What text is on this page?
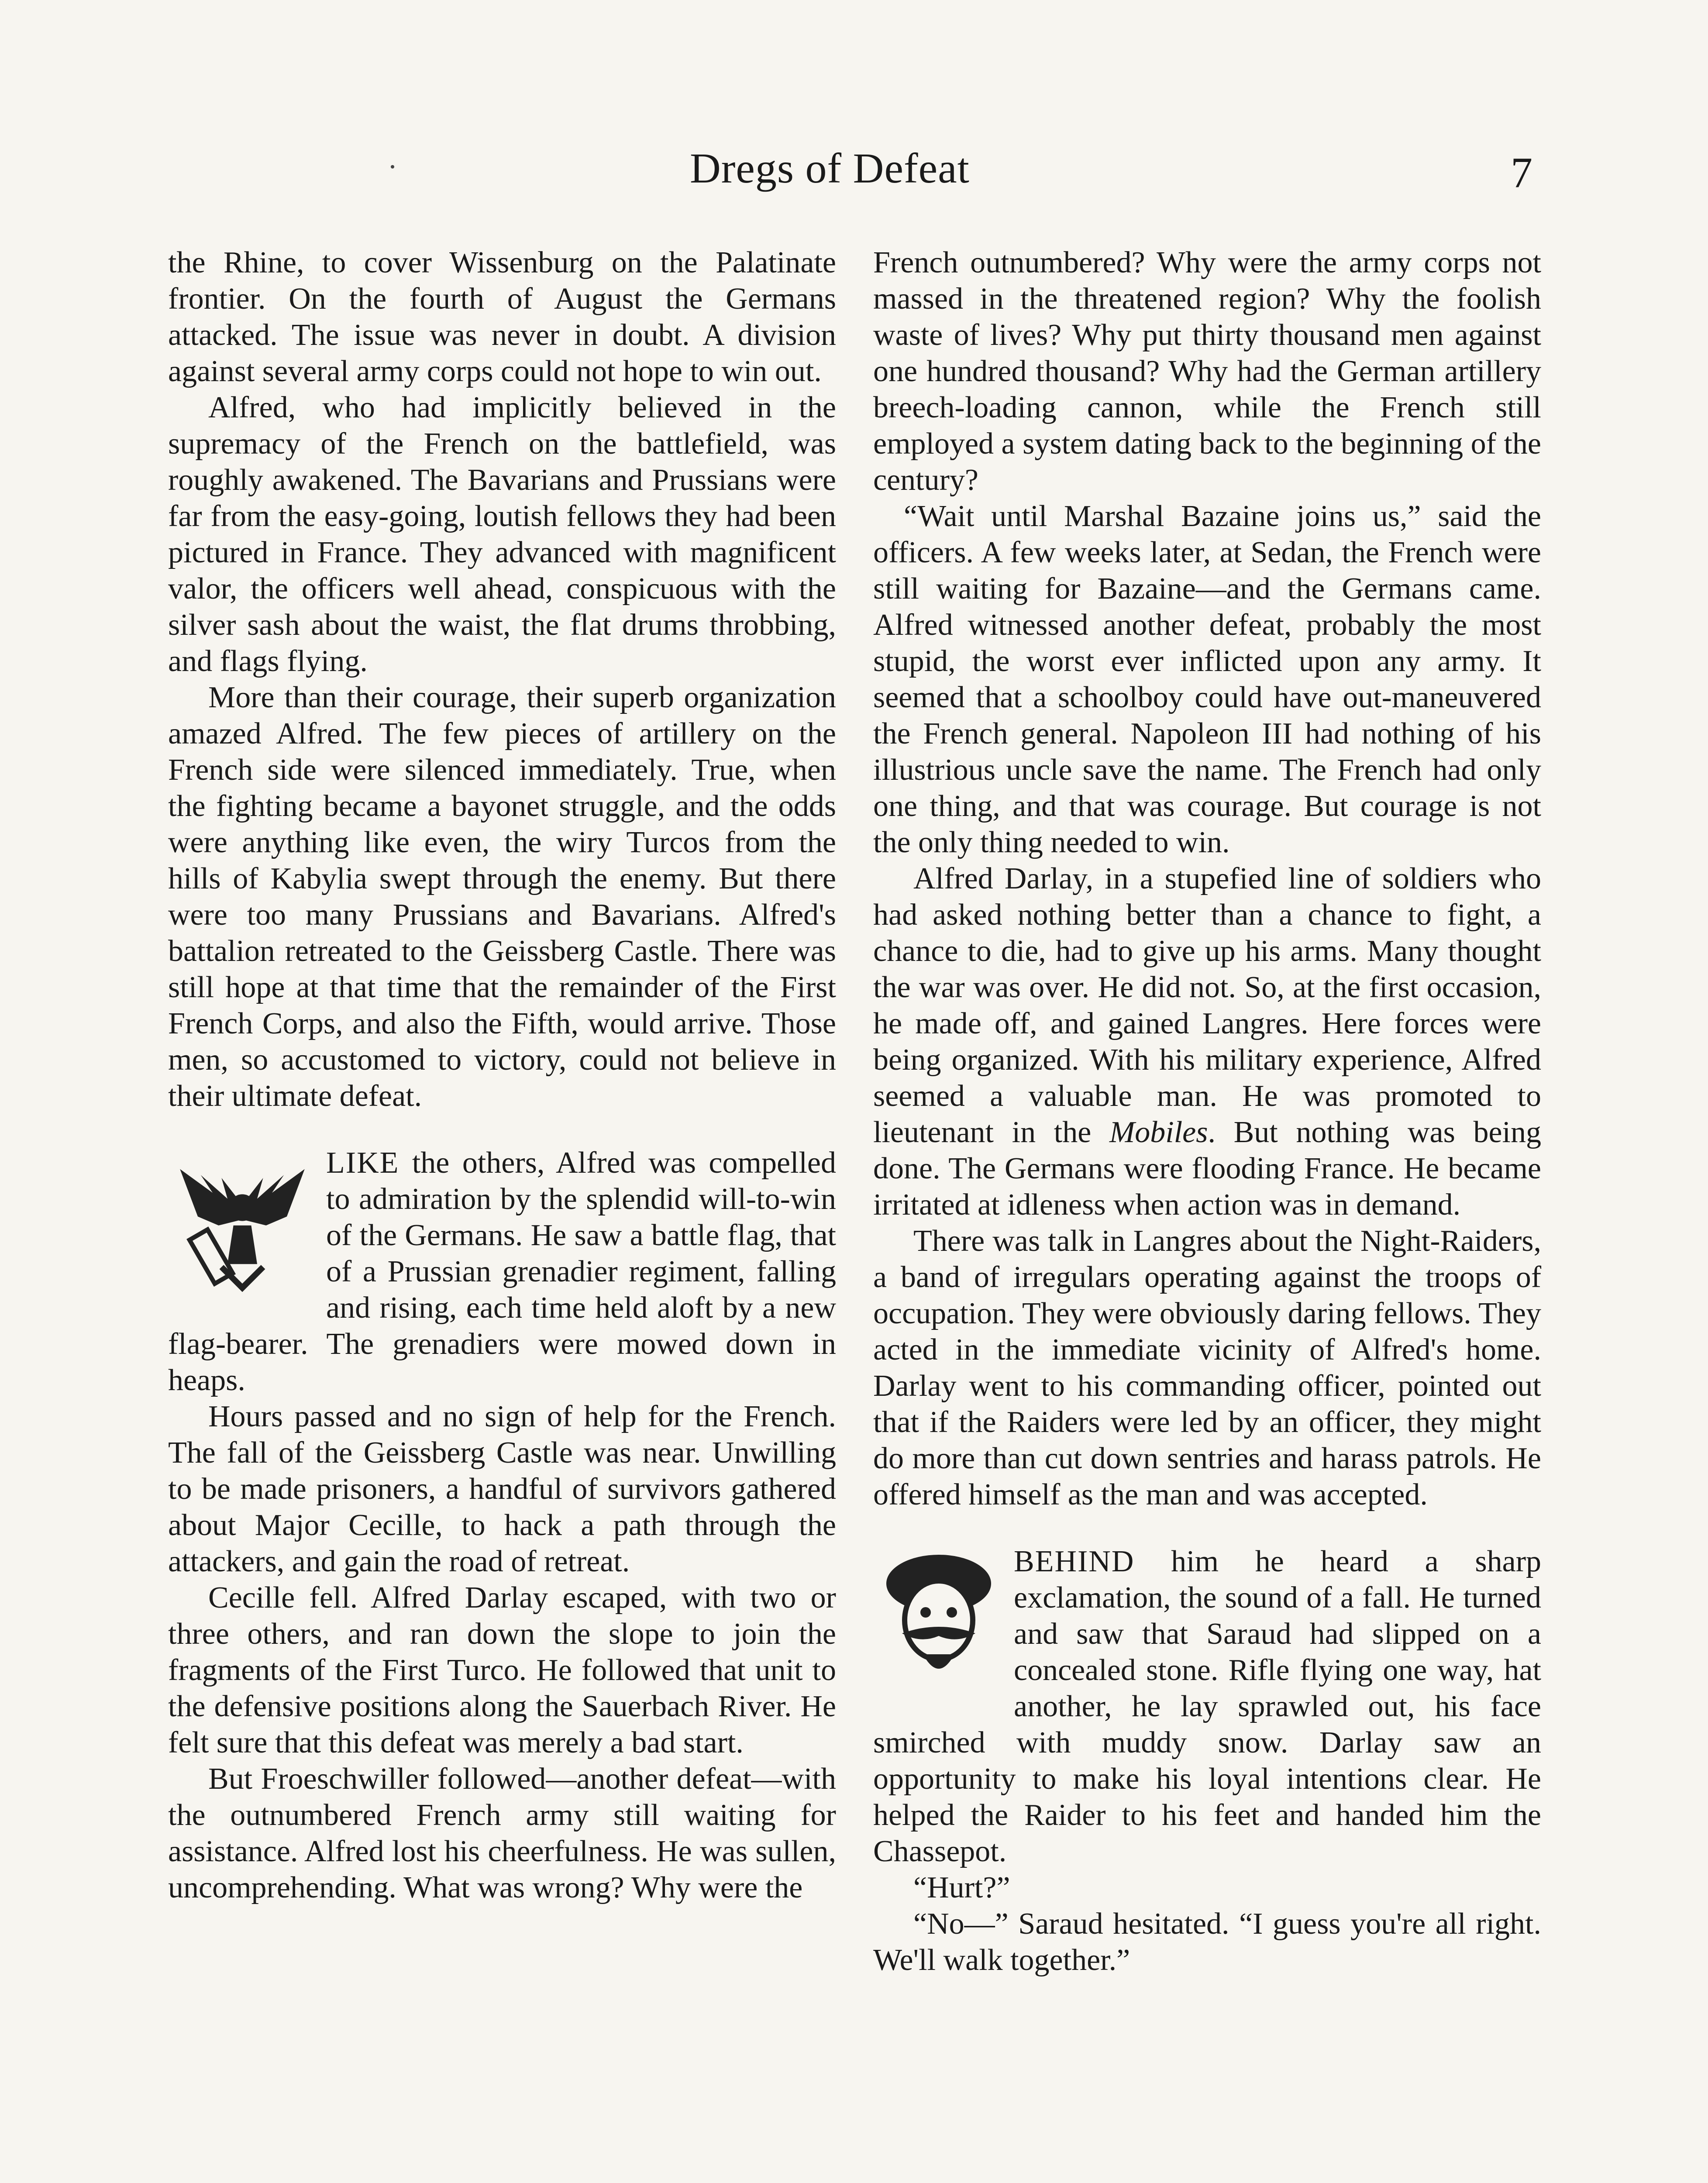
Dregs of Defeat	7

the Rhine, to cover Wissenburg on the Palatinate frontier. On the fourth of August the Germans attacked. The issue was never in doubt. A division against several army corps could not hope to win out.

Alfred, who had implicitly believed in the supremacy of the French on the battlefield, was roughly awakened. The Bavarians and Prussians were far from the easy-going, loutish fellows they had been pictured in France. They advanced with magnificent valor, the officers well ahead, conspicuous with the silver sash about the waist, the flat drums throbbing, and flags flying.

More than their courage, their superb organization amazed Alfred. The few pieces of artillery on the French side were silenced immediately. True, when the fighting became a bayonet struggle, and the odds were anything like even, the wiry Turcos from the hills of Kabylia swept through the enemy. But there were too many Prussians and Bavarians. Alfred's battalion retreated to the Geissberg Castle. There was still hope at that time that the remainder of the First French Corps, and also the Fifth, would arrive. Those men, so accustomed to victory, could not believe in their ultimate defeat.

LIKE the others, Alfred was compelled to admiration by the splendid will-to-win of the Germans. He saw a battle flag, that of a Prussian grenadier regiment, falling and rising, each time held aloft by a new flag-bearer. The grenadiers were mowed down in heaps.

Hours passed and no sign of help for the French. The fall of the Geissberg Castle was near. Unwilling to be made prisoners, a handful of survivors gathered about Major Cecille, to hack a path through the attackers, and gain the road of retreat.

Cecille fell. Alfred Darlay escaped, with two or three others, and ran down the slope to join the fragments of the First Turco. He followed that unit to the defensive positions along the Sauerbach River. He felt sure that this defeat was merely a bad start.

But Froeschwiller followed—another defeat—with the outnumbered French army still waiting for assistance. Alfred lost his cheerfulness. He was sullen, uncomprehending. What was wrong? Why were the

French outnumbered? Why were the army corps not massed in the threatened region? Why the foolish waste of lives? Why put thirty thousand men against one hundred thousand? Why had the German artillery breech-loading cannon, while the French still employed a system dating back to the beginning of the century?

“Wait until Marshal Bazaine joins us,” said the officers. A few weeks later, at Sedan, the French were still waiting for Bazaine—and the Germans came. Alfred witnessed another defeat, probably the most stupid, the worst ever inflicted upon any army. It seemed that a schoolboy could have out-maneuvered the French general. Napoleon III had nothing of his illustrious uncle save the name. The French had only one thing, and that was courage. But courage is not the only thing needed to win.

Alfred Darlay, in a stupefied line of soldiers who had asked nothing better than a chance to fight, a chance to die, had to give up his arms. Many thought the war was over. He did not. So, at the first occasion, he made off, and gained Langres. Here forces were being organized. With his military experience, Alfred seemed a valuable man. He was promoted to lieutenant in the Mobiles. But nothing was being done. The Germans were flooding France. He became irritated at idleness when action was in demand.

There was talk in Langres about the Night-Raiders, a band of irregulars operating against the troops of occupation. They were obviously daring fellows. They acted in the immediate vicinity of Alfred's home. Darlay went to his commanding officer, pointed out that if the Raiders were led by an officer, they might do more than cut down sentries and harass patrols. He offered himself as the man and was accepted.

BEHIND him he heard a sharp exclamation, the sound of a fall. He turned and saw that Saraud had slipped on a concealed stone. Rifle flying one way, hat another, he lay sprawled out, his face smirched with muddy snow. Darlay saw an opportunity to make his loyal intentions clear. He helped the Raider to his feet and handed him the Chassepot.

“Hurt?”

“No—” Saraud hesitated. “I guess you're all right. We'll walk together.”
